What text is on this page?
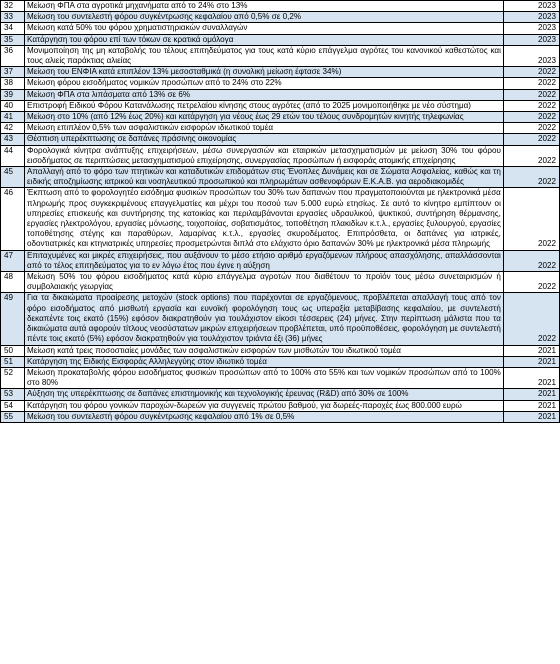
32	Μείωση ΦΠΑ στα αγροτικά μηχανήματα από το 24% στο 13%	2023
33	Μείωση του συντελεστή φόρου συγκέντρωσης κεφαλαίου από 0,5% σε 0,2%	2023
34	Μείωση κατά 50% του φόρου χρηματιστηριακών συναλλαγών	2023
35	Κατάργηση του φόρου επί των τόκων σε κρατικά ομόλογα	2023
36	Μονιμοποίηση της μη καταβολής του τέλους επιτηδεύματος για τους κατά κύριο επάγγελμα αγρότες του κανονικού καθεστώτος και τους αλιείς παράκτιας αλιείας	2023
37	Μείωση του ΕΝΦΙΑ κατά επιπλέον 13% μεσοσταθμικά (η συνολική μείωση έφτασε 34%)	2022
38	Μείωση φόρου εισοδήματος νομικών προσώπων από το 24% στο 22%	2022
39	Μείωση ΦΠΑ στα λιπάσματα από 13% σε 6%	2022
40	Επιστροφή Ειδικού Φόρου Κατανάλωσης πετρελαίου κίνησης στους αγρότες (από το 2025 μονιμοποιήθηκε με νέο σύστημα)	2022
41	Μείωση στο 10% (από 12% έως 20%) και κατάργηση για νέους έως 29 ετών του τέλους συνδρομητών κινητής τηλεφωνίας	2022
42	Μείωση επιπλέον 0,5% των ασφαλιστικών εισφορών ιδιωτικού τομέα	2022
43	Θέσπιση υπερέκπτωσης σε δαπάνες πράσινης οικονομίας	2022
44	Φορολογικά κίνητρα ανάπτυξης επιχειρήσεων, μέσω συνεργασιών και εταιρικών μετασχηματισμών με μείωση 30% του φόρου εισοδήματος σε περιπτώσεις μετασχηματισμού επιχείρησης, συνεργασίας προσώπων ή εισφοράς ατομικής επιχείρησης	2022
45	Απαλλαγή από το φόρο των πτητικών και καταδυτικών επιδομάτων στις Ένοπλες Δυνάμεις και σε Σώματα Ασφαλείας, καθώς και τη ειδικής αποζημίωσης ιατρικού και νοσηλευτικού προσωπικού και πληρωμάτων ασθενοφόρων Ε.Κ.Α.Β. για αεροδιακομιδές	2022
46	Έκπτωση από το φορολογητέο εισόδημα φυσικών προσώπων του 30% των δαπανών που πραγματοποιούνται με ηλεκτρονικά μέσα πληρωμής προς συγκεκριμένους επαγγελματίες και μέχρι του ποσού των 5.000 ευρώ ετησίως. Σε αυτό το κίνητρο εμπίπτουν οι υπηρεσίες επισκευής και συντήρησης της κατοικίας και περιλαμβάνονται εργασίες υδραυλικού, ψυκτικού, συντήρηση θέρμανσης, εργασίες ηλεκτρολόγου, εργασίες μόνωσης, τοιχοποιίας, σοβατισμάτος, τοποθέτηση πλακιδίων κ.τ.λ., εργασίες ξυλουργού, εργασίες τοποθέτησης στέγης και παραθύρων, λαμαρίνας κ.τ.λ., εργασίες σκυροδέματος. Επιπρόσθετα, οι δαπάνες για ιατρικές, οδοντιατρικές και κτηνιατρικές υπηρεσίες προσμετρώνται διπλά στο ελάχιστο όριο δαπανών 30% με ηλεκτρονικά μέσα πληρωμής	2022
47	Επιταχυμένες και μικρές επιχειρήσεις, που αυξάνουν το μέσο ετήσιο αριθμό εργαζόμενων πλήρους απασχόλησης, απαλλάσσονται από το τέλος επιτηδεύματος για το εν λόγω έτος που έγινε η αύξηση	2022
48	Μείωση 50% του φόρου εισοδήματος κατά κύριο επάγγελμα αγροτών που διαθέτουν το προϊόν τους μέσω συνεταιρισμών ή συμβολαιακής γεωργίας	2022
49	Για τα δικαιώματα προαίρεσης μετοχών (stock options) που παρέχονται σε εργαζόμενους, προβλέπεται απαλλαγή τους από τον φόρο εισοδήματος από μισθωτή εργασία και ευνοϊκή φορολόγηση τους ως υπεραξία μεταβίβασης κεφαλαίου, με συντελεστή δεκαπέντε τοις εκατό (15%) εφόσον διακρατηθούν για τουλάχιστον είκοσι τέσσερεις (24) μήνες. Στην περίπτωση μάλιστα που τα δικαιώματα αυτά αφορούν τίτλους νεοσύστατων μικρών επιχειρήσεων προβλέπεται, υπό προϋποθέσεις, φορολόγηση με συντελεστή πέντε τοις εκατό (5%) εφόσον διακρατηθούν για τουλάχιστον τριάντα έξι (36) μήνες	2022
50	Μείωση κατά τρεις ποσοστιαίες μονάδες των ασφαλιστικών εισφορών των μισθωτών του ιδιωτικού τομέα	2021
51	Κατάργηση της Ειδικής Εισφοράς Αλληλεγγύης στον ιδιωτικό τομέα	2021
52	Μείωση προκαταβολής φόρου εισοδήματος φυσικών προσώπων από το 100% στο 55% και των νομικών προσώπων από το 100% στο 80%	2021
53	Αύξηση της υπερέκπτωσης σε δαπάνες επιστημονικής και τεχνολογικής έρευνας (R&D) από 30% σε 100%	2021
54	Κατάργηση του φόρου γονικών παροχών-δωρεών για συγγενείς πρώτου βαθμού, για δωρεές-παροχές έως 800.000 ευρώ	2021
55	Μείωση του συντελεστή φόρου συγκέντρωσης κεφαλαίου από 1% σε 0,5%	2021
